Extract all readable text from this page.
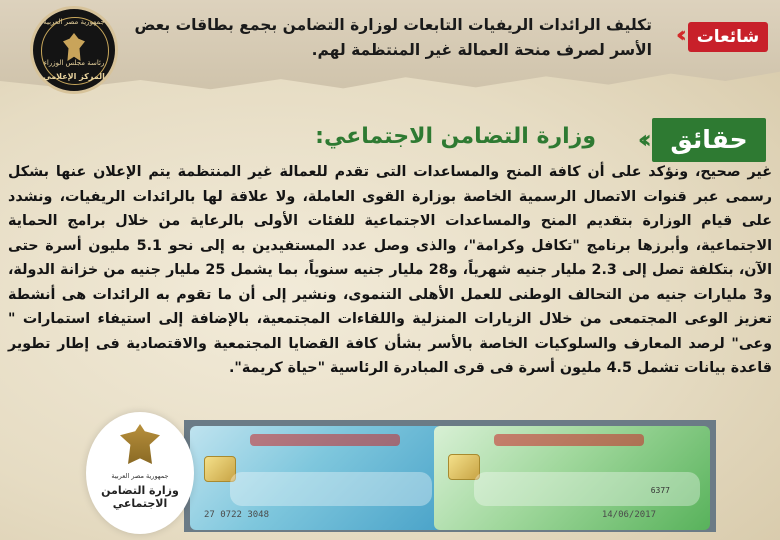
جمهورية مصر العربية
رئاسة مجلس الوزراء
المركز الإعلامي
شائعات
‹‹
تكليف الرائدات الريفيات التابعات لوزارة التضامن بجمع بطاقات بعض الأسر لصرف منحة العمالة غير المنتظمة لهم.
حقائق
‹‹
وزارة التضامن الاجتماعي:
غير صحيح، ونؤكد على أن كافة المنح والمساعدات التى تقدم للعمالة غير المنتظمة يتم الإعلان عنها بشكل رسمى عبر قنوات الاتصال الرسمية الخاصة بوزارة القوى العاملة، ولا علاقة لها بالرائدات الريفيات، ونشدد على قيام الوزارة بتقديم المنح والمساعدات الاجتماعية للفئات الأولى بالرعاية من خلال برامج الحماية الاجتماعية، وأبرزها برنامج "تكافل وكرامة"، والذى وصل عدد المستفيدين به إلى نحو 5.1 مليون أسرة حتى الآن، بتكلفة تصل إلى 2.3 مليار جنيه شهرياً، و28 مليار جنيه سنوياً، بما يشمل 25 مليار جنيه من خزانة الدولة، و3 مليارات جنيه من التحالف الوطنى للعمل الأهلى التنموى، ونشير إلى أن ما تقوم به الرائدات هى أنشطة تعزيز الوعى المجتمعى من خلال الزيارات المنزلية واللقاءات المجتمعية، بالإضافة إلى استيفاء استمارات " وعى" لرصد المعارف والسلوكيات الخاصة بالأسر بشأن كافة القضايا المجتمعية والاقتصادية فى إطار تطوير قاعدة بيانات تشمل 4.5 مليون أسرة فى قرى المبادرة الرئاسية "حياة كريمة".
27 0722 3048
6377
14/06/2017
جمهورية مصر العربية
وزارة التضامن الاجتماعي
